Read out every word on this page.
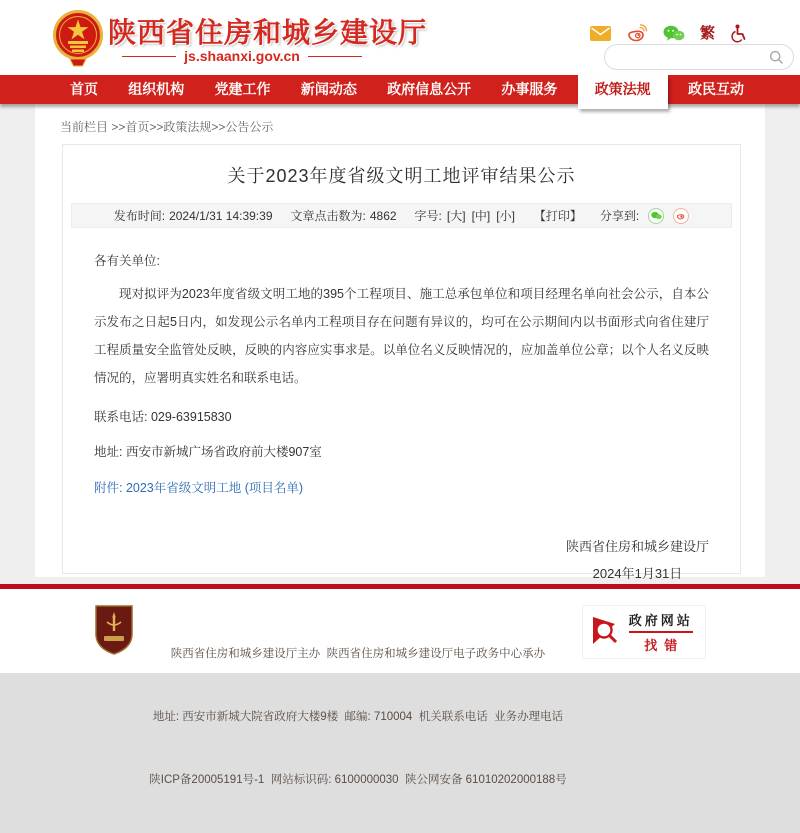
陕西省住房和城乡建设厅
js.shaanxi.gov.cn
繁
首页	组织机构	党建工作	新闻动态	政府信息公开	办事服务	政策法规	政民互动
当前栏目 >>首页>>政策法规>>公告公示
关于2023年度省级文明工地评审结果公示
发布时间: 2024/1/31 14:39:39 文章点击数为: 4862 字号: [大] [中] [小] 【打印】 分享到:
各有关单位:
现对拟评为2023年度省级文明工地的395个工程项目、施工总承包单位和项目经理名单向社会公示，自本公示发布之日起5日内，如发现公示名单内工程项目存在问题有异议的，均可在公示期间内以书面形式向省住建厅工程质量安全监管处反映，反映的内容应实事求是。以单位名义反映情况的，应加盖单位公章；以个人名义反映情况的，应署明真实姓名和联系电话。
联系电话: 029-63915830
地址: 西安市新城广场省政府前大楼907室
附件: 2023年省级文明工地 (项目名单)
陕西省住房和城乡建设厅
2024年1月31日

陕西省住房和城乡建设厅主办  陕西省住房和城乡建设厅电子政务中心承办

地址: 西安市新城大院省政府大楼9楼  邮编: 710004  机关联系电话  业务办理电话

陕ICP备20005191号-1  网站标识码: 6100000030  陕公网安备 61010202000188号

政府网站
找错
